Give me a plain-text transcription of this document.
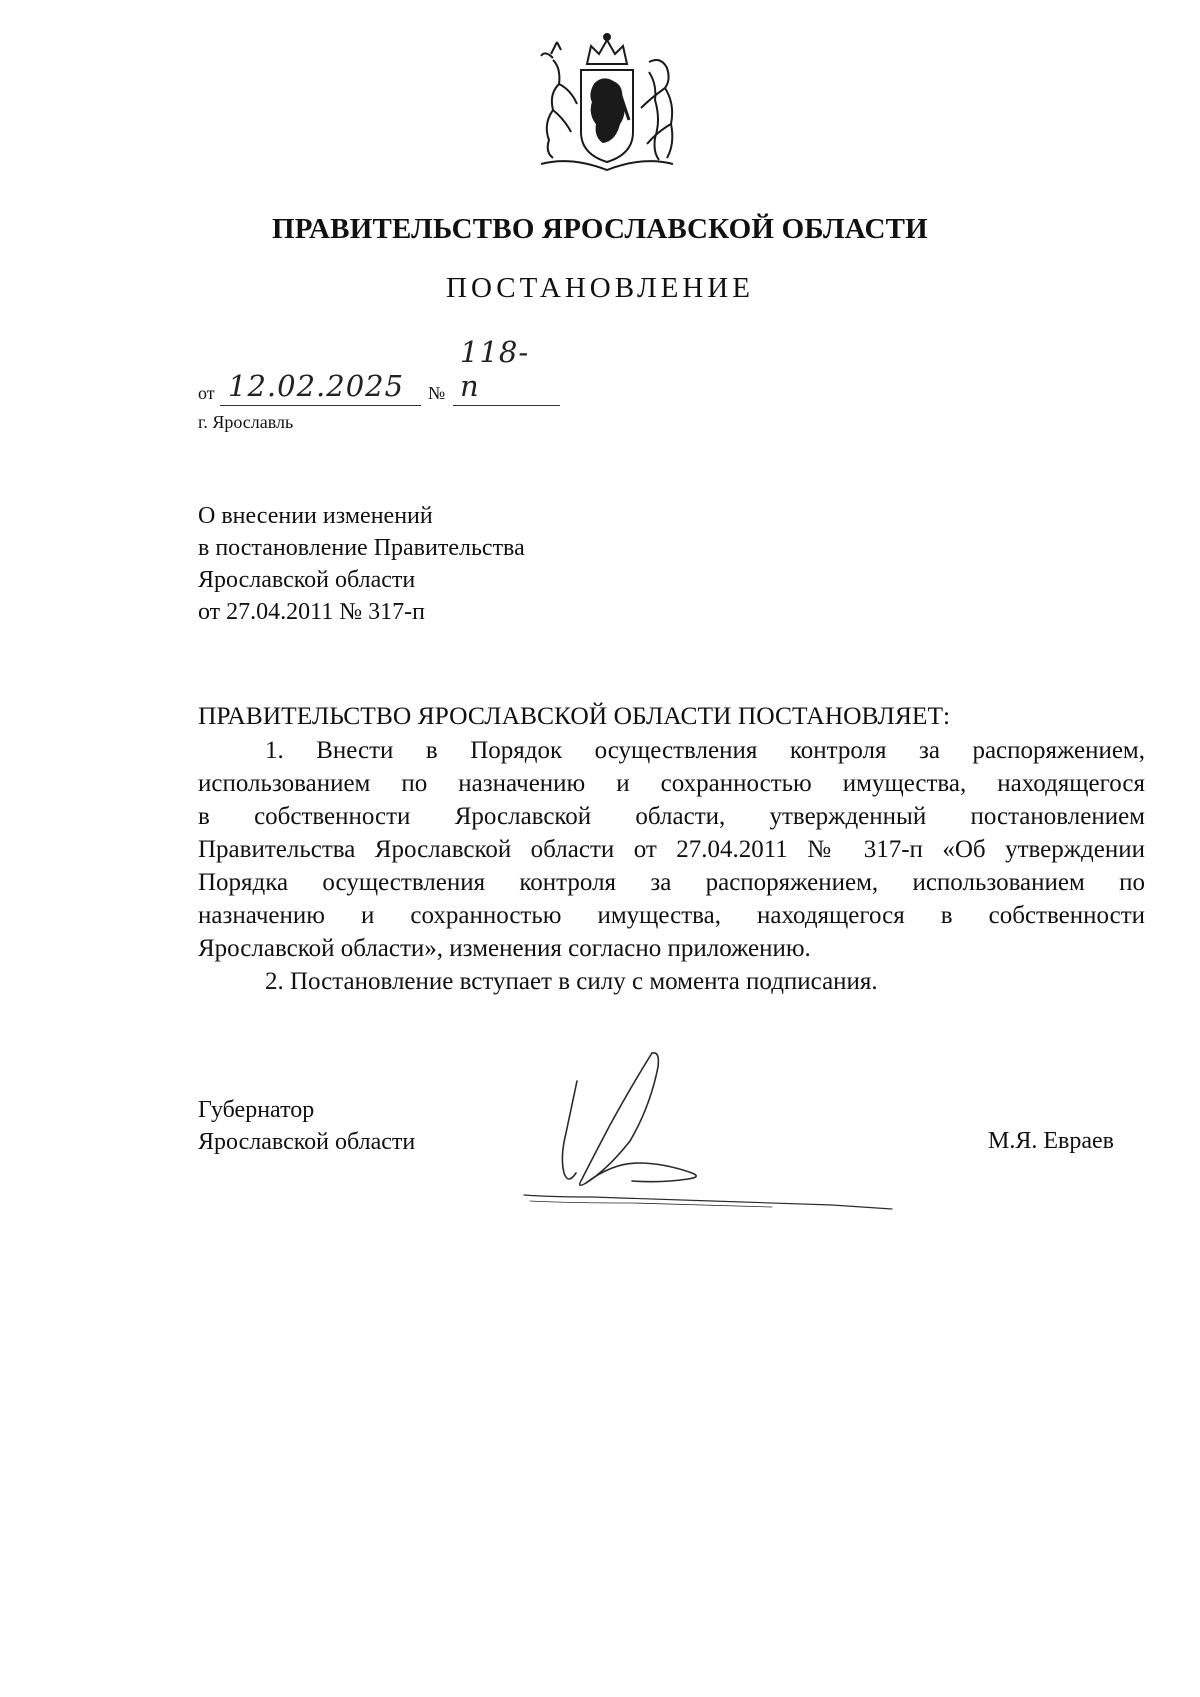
ПРАВИТЕЛЬСТВО ЯРОСЛАВСКОЙ ОБЛАСТИ
ПОСТАНОВЛЕНИЕ
от 12.02.2025 №
118-п
г. Ярославль
О внесении изменений
в постановление Правительства
Ярославской области
от 27.04.2011 № 317-п
ПРАВИТЕЛЬСТВО ЯРОСЛАВСКОЙ ОБЛАСТИ ПОСТАНОВЛЯЕТ:
1. Внести в Порядок осуществления контроля за распоряжением,
использованием по назначению и сохранностью имущества, находящегося
в собственности Ярославской области, утвержденный постановлением
Правительства Ярославской области от 27.04.2011 № 317-п «Об утверждении
Порядка осуществления контроля за распоряжением, использованием по
назначению и сохранностью имущества, находящегося в собственности
Ярославской области», изменения согласно приложению.
2. Постановление вступает в силу с момента подписания.
Губернатор
Ярославской области	М.Я. Евраев
